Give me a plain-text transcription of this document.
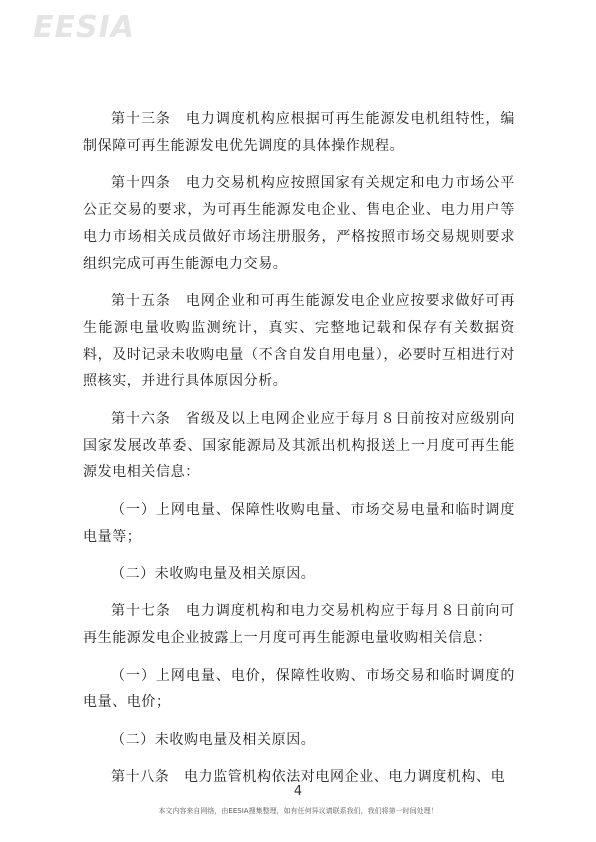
EESIA

第十三条　电力调度机构应根据可再生能源发电机组特性，编制保障可再生能源发电优先调度的具体操作规程。

第十四条　电力交易机构应按照国家有关规定和电力市场公平公正交易的要求，为可再生能源发电企业、售电企业、电力用户等电力市场相关成员做好市场注册服务，严格按照市场交易规则要求组织完成可再生能源电力交易。

第十五条　电网企业和可再生能源发电企业应按要求做好可再生能源电量收购监测统计，真实、完整地记载和保存有关数据资料，及时记录未收购电量（不含自发自用电量），必要时互相进行对照核实，并进行具体原因分析。

第十六条　省级及以上电网企业应于每月８日前按对应级别向国家发展改革委、国家能源局及其派出机构报送上一月度可再生能源发电相关信息：

（一）上网电量、保障性收购电量、市场交易电量和临时调度电量等；

（二）未收购电量及相关原因。

第十七条　电力调度机构和电力交易机构应于每月８日前向可再生能源发电企业披露上一月度可再生能源电量收购相关信息：

（一）上网电量、电价，保障性收购、市场交易和临时调度的电量、电价；

（二）未收购电量及相关原因。

第十八条　电力监管机构依法对电网企业、电力调度机构、电

4
本文内容来自网络，由EESIA搜集整理，如有任何异议请联系我们，我们将第一时间处理！
